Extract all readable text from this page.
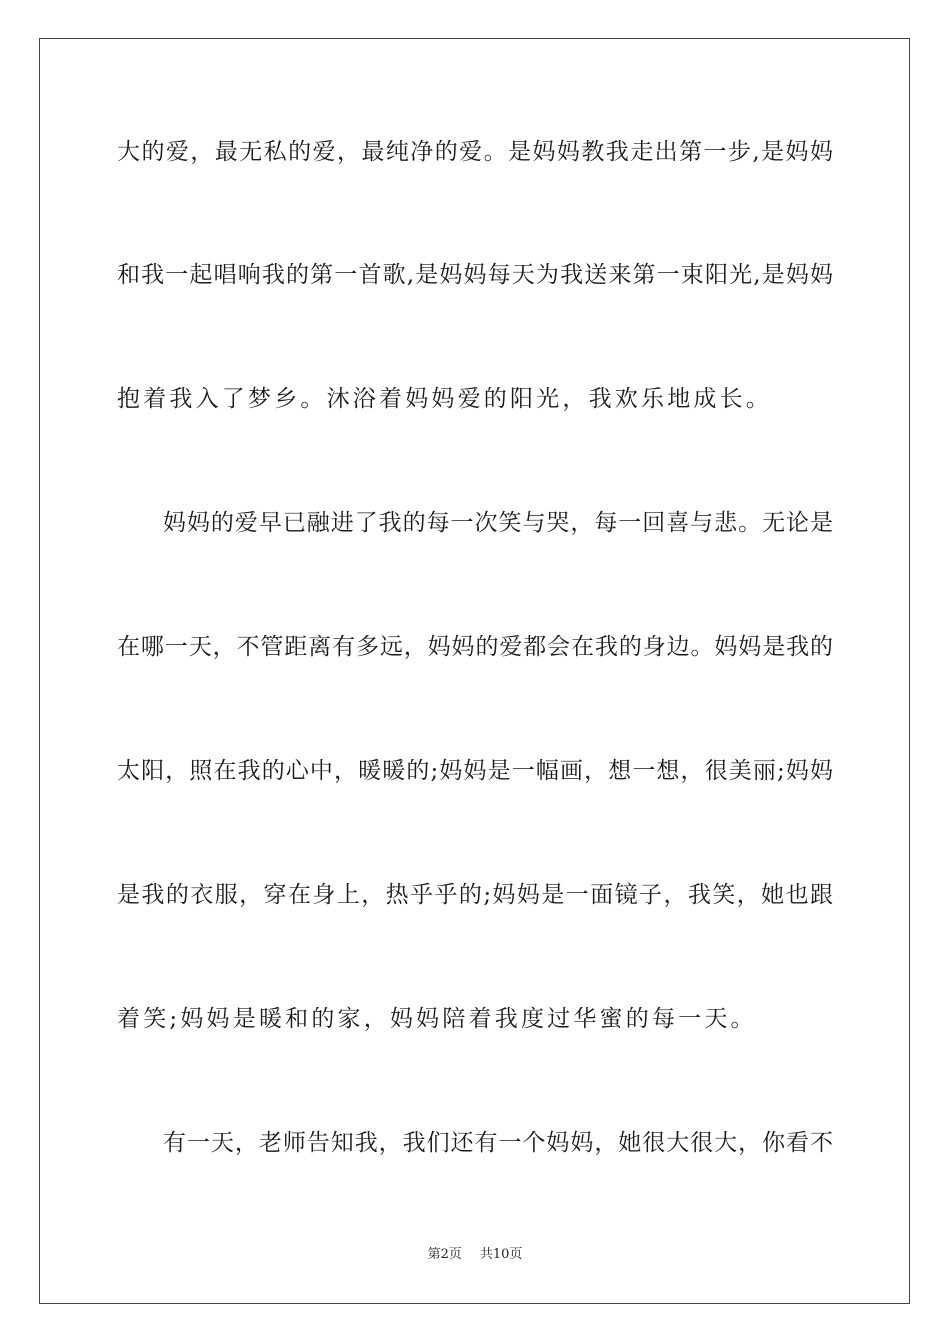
大的爱，最无私的爱，最纯净的爱。是妈妈教我走出第一步,是妈妈
和我一起唱响我的第一首歌,是妈妈每天为我送来第一束阳光,是妈妈
抱着我入了梦乡。沐浴着妈妈爱的阳光，我欢乐地成长。
妈妈的爱早已融进了我的每一次笑与哭，每一回喜与悲。无论是
在哪一天，不管距离有多远，妈妈的爱都会在我的身边。妈妈是我的
太阳，照在我的心中，暖暖的;妈妈是一幅画，想一想，很美丽;妈妈
是我的衣服，穿在身上，热乎乎的;妈妈是一面镜子，我笑，她也跟
着笑;妈妈是暖和的家，妈妈陪着我度过华蜜的每一天。
有一天，老师告知我，我们还有一个妈妈，她很大很大，你看不
第2页 共10页
